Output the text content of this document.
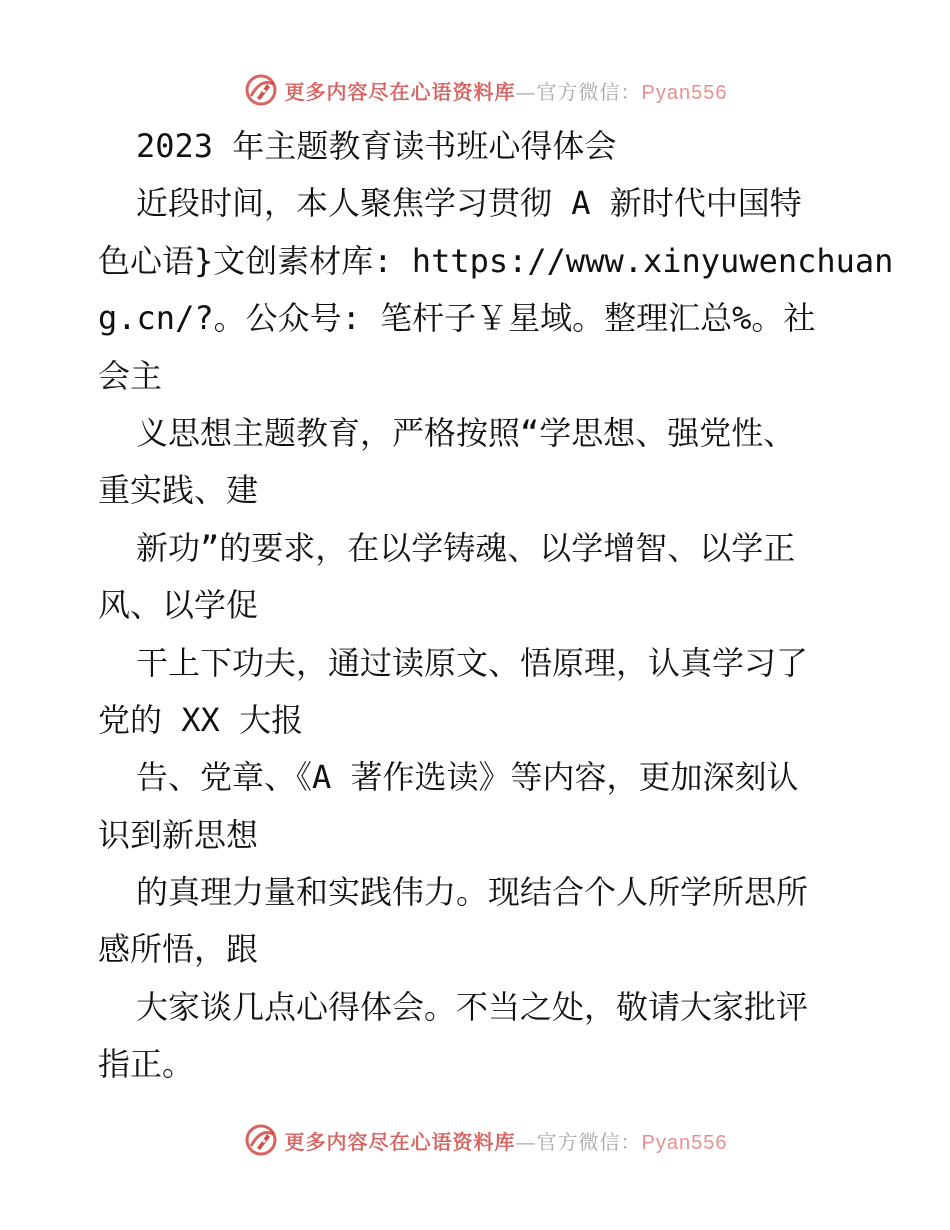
更多内容尽在心语资料库—官方微信：Pyan556
2023 年主题教育读书班心得体会
近段时间，本人聚焦学习贯彻 A 新时代中国特
色心语}文创素材库: https://www.xinyuwenchuan
g.cn/?。公众号: 笔杆子￥星域。整理汇总%。社
会主
义思想主题教育，严格按照“学思想、强党性、
重实践、建
新功”的要求，在以学铸魂、以学增智、以学正
风、以学促
干上下功夫，通过读原文、悟原理，认真学习了
党的 XX 大报
告、党章、《A 著作选读》等内容，更加深刻认
识到新思想
的真理力量和实践伟力。现结合个人所学所思所
感所悟，跟
大家谈几点心得体会。不当之处，敬请大家批评
指正。
更多内容尽在心语资料库—官方微信：Pyan556
